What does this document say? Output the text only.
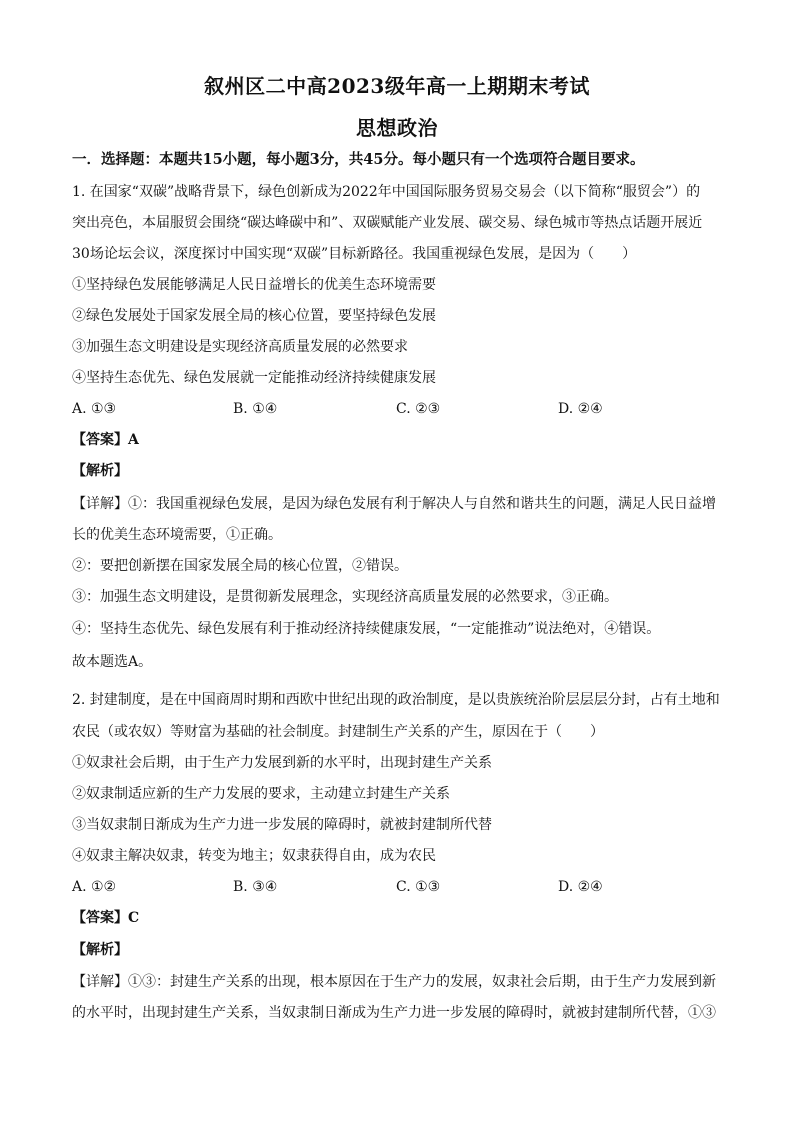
叙州区二中高2023级年高一上期期末考试
思想政治
一．选择题：本题共15小题，每小题3分，共45分。每小题只有一个选项符合题目要求。
1. 在国家“双碳”战略背景下，绿色创新成为2022年中国国际服务贸易交易会（以下简称“服贸会”）的
突出亮色，本届服贸会围绕“碳达峰碳中和”、双碳赋能产业发展、碳交易、绿色城市等热点话题开展近
30场论坛会议，深度探讨中国实现“双碳”目标新路径。我国重视绿色发展，是因为（　　）
①坚持绿色发展能够满足人民日益增长的优美生态环境需要
②绿色发展处于国家发展全局的核心位置，要坚持绿色发展
③加强生态文明建设是实现经济高质量发展的必然要求
④坚持生态优先、绿色发展就一定能推动经济持续健康发展
A. ①③	B. ①④	C. ②③	D. ②④
【答案】A
【解析】
【详解】①：我国重视绿色发展，是因为绿色发展有利于解决人与自然和谐共生的问题，满足人民日益增
长的优美生态环境需要，①正确。
②：要把创新摆在国家发展全局的核心位置，②错误。
③：加强生态文明建设，是贯彻新发展理念，实现经济高质量发展的必然要求，③正确。
④：坚持生态优先、绿色发展有利于推动经济持续健康发展，“一定能推动”说法绝对，④错误。
故本题选A。
2. 封建制度，是在中国商周时期和西欧中世纪出现的政治制度，是以贵族统治阶层层层分封，占有土地和
农民（或农奴）等财富为基础的社会制度。封建制生产关系的产生，原因在于（　　）
①奴隶社会后期，由于生产力发展到新的水平时，出现封建生产关系
②奴隶制适应新的生产力发展的要求，主动建立封建生产关系
③当奴隶制日渐成为生产力进一步发展的障碍时，就被封建制所代替
④奴隶主解决奴隶，转变为地主；奴隶获得自由，成为农民
A. ①②	B. ③④	C. ①③	D. ②④
【答案】C
【解析】
【详解】①③：封建生产关系的出现，根本原因在于生产力的发展，奴隶社会后期，由于生产力发展到新
的水平时，出现封建生产关系，当奴隶制日渐成为生产力进一步发展的障碍时，就被封建制所代替，①③
